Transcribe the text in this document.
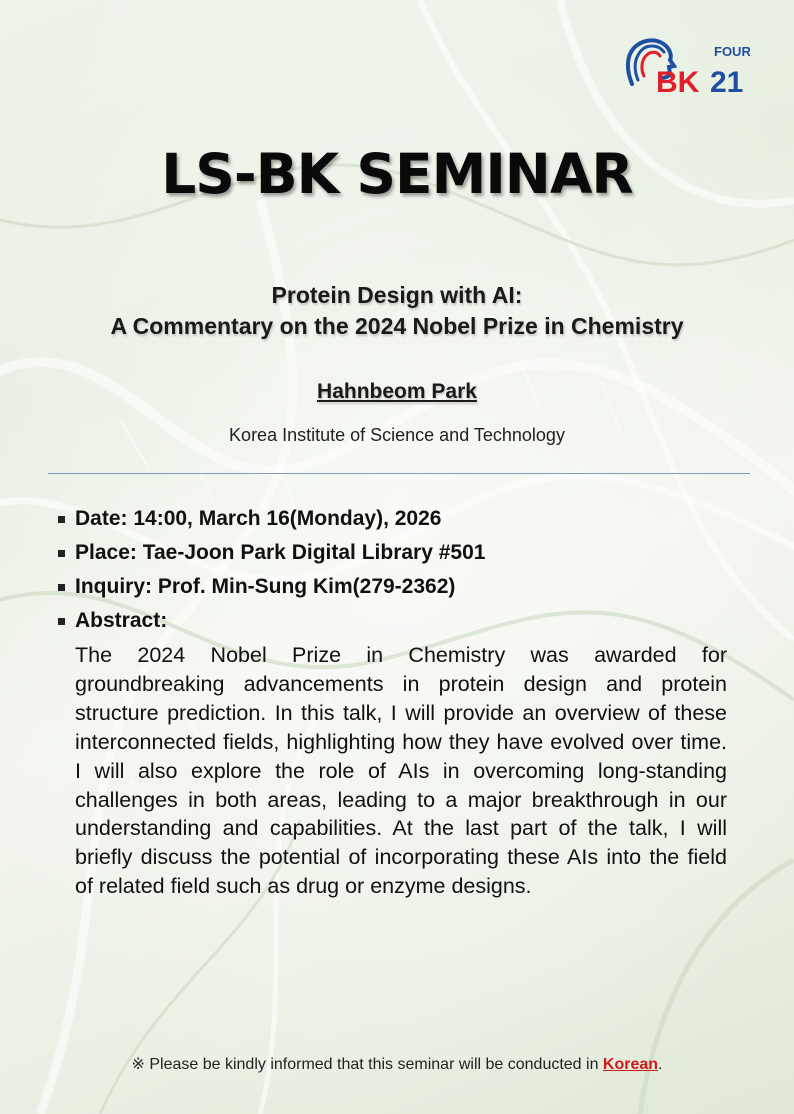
FOUR
BK 21
LS-BK SEMINAR
Protein Design with AI:
A Commentary on the 2024 Nobel Prize in Chemistry
Hahnbeom Park
Korea Institute of Science and Technology
Date: 14:00, March 16(Monday), 2026
Place: Tae-Joon Park Digital Library #501
Inquiry: Prof. Min-Sung Kim(279-2362)
Abstract:
The 2024 Nobel Prize in Chemistry was awarded for groundbreaking advancements in protein design and protein structure prediction. In this talk, I will provide an overview of these interconnected fields, highlighting how they have evolved over time. I will also explore the role of AIs in overcoming long-standing challenges in both areas, leading to a major breakthrough in our understanding and capabilities. At the last part of the talk, I will briefly discuss the potential of incorporating these AIs into the field of related field such as drug or enzyme designs.
※ Please be kindly informed that this seminar will be conducted in Korean.
